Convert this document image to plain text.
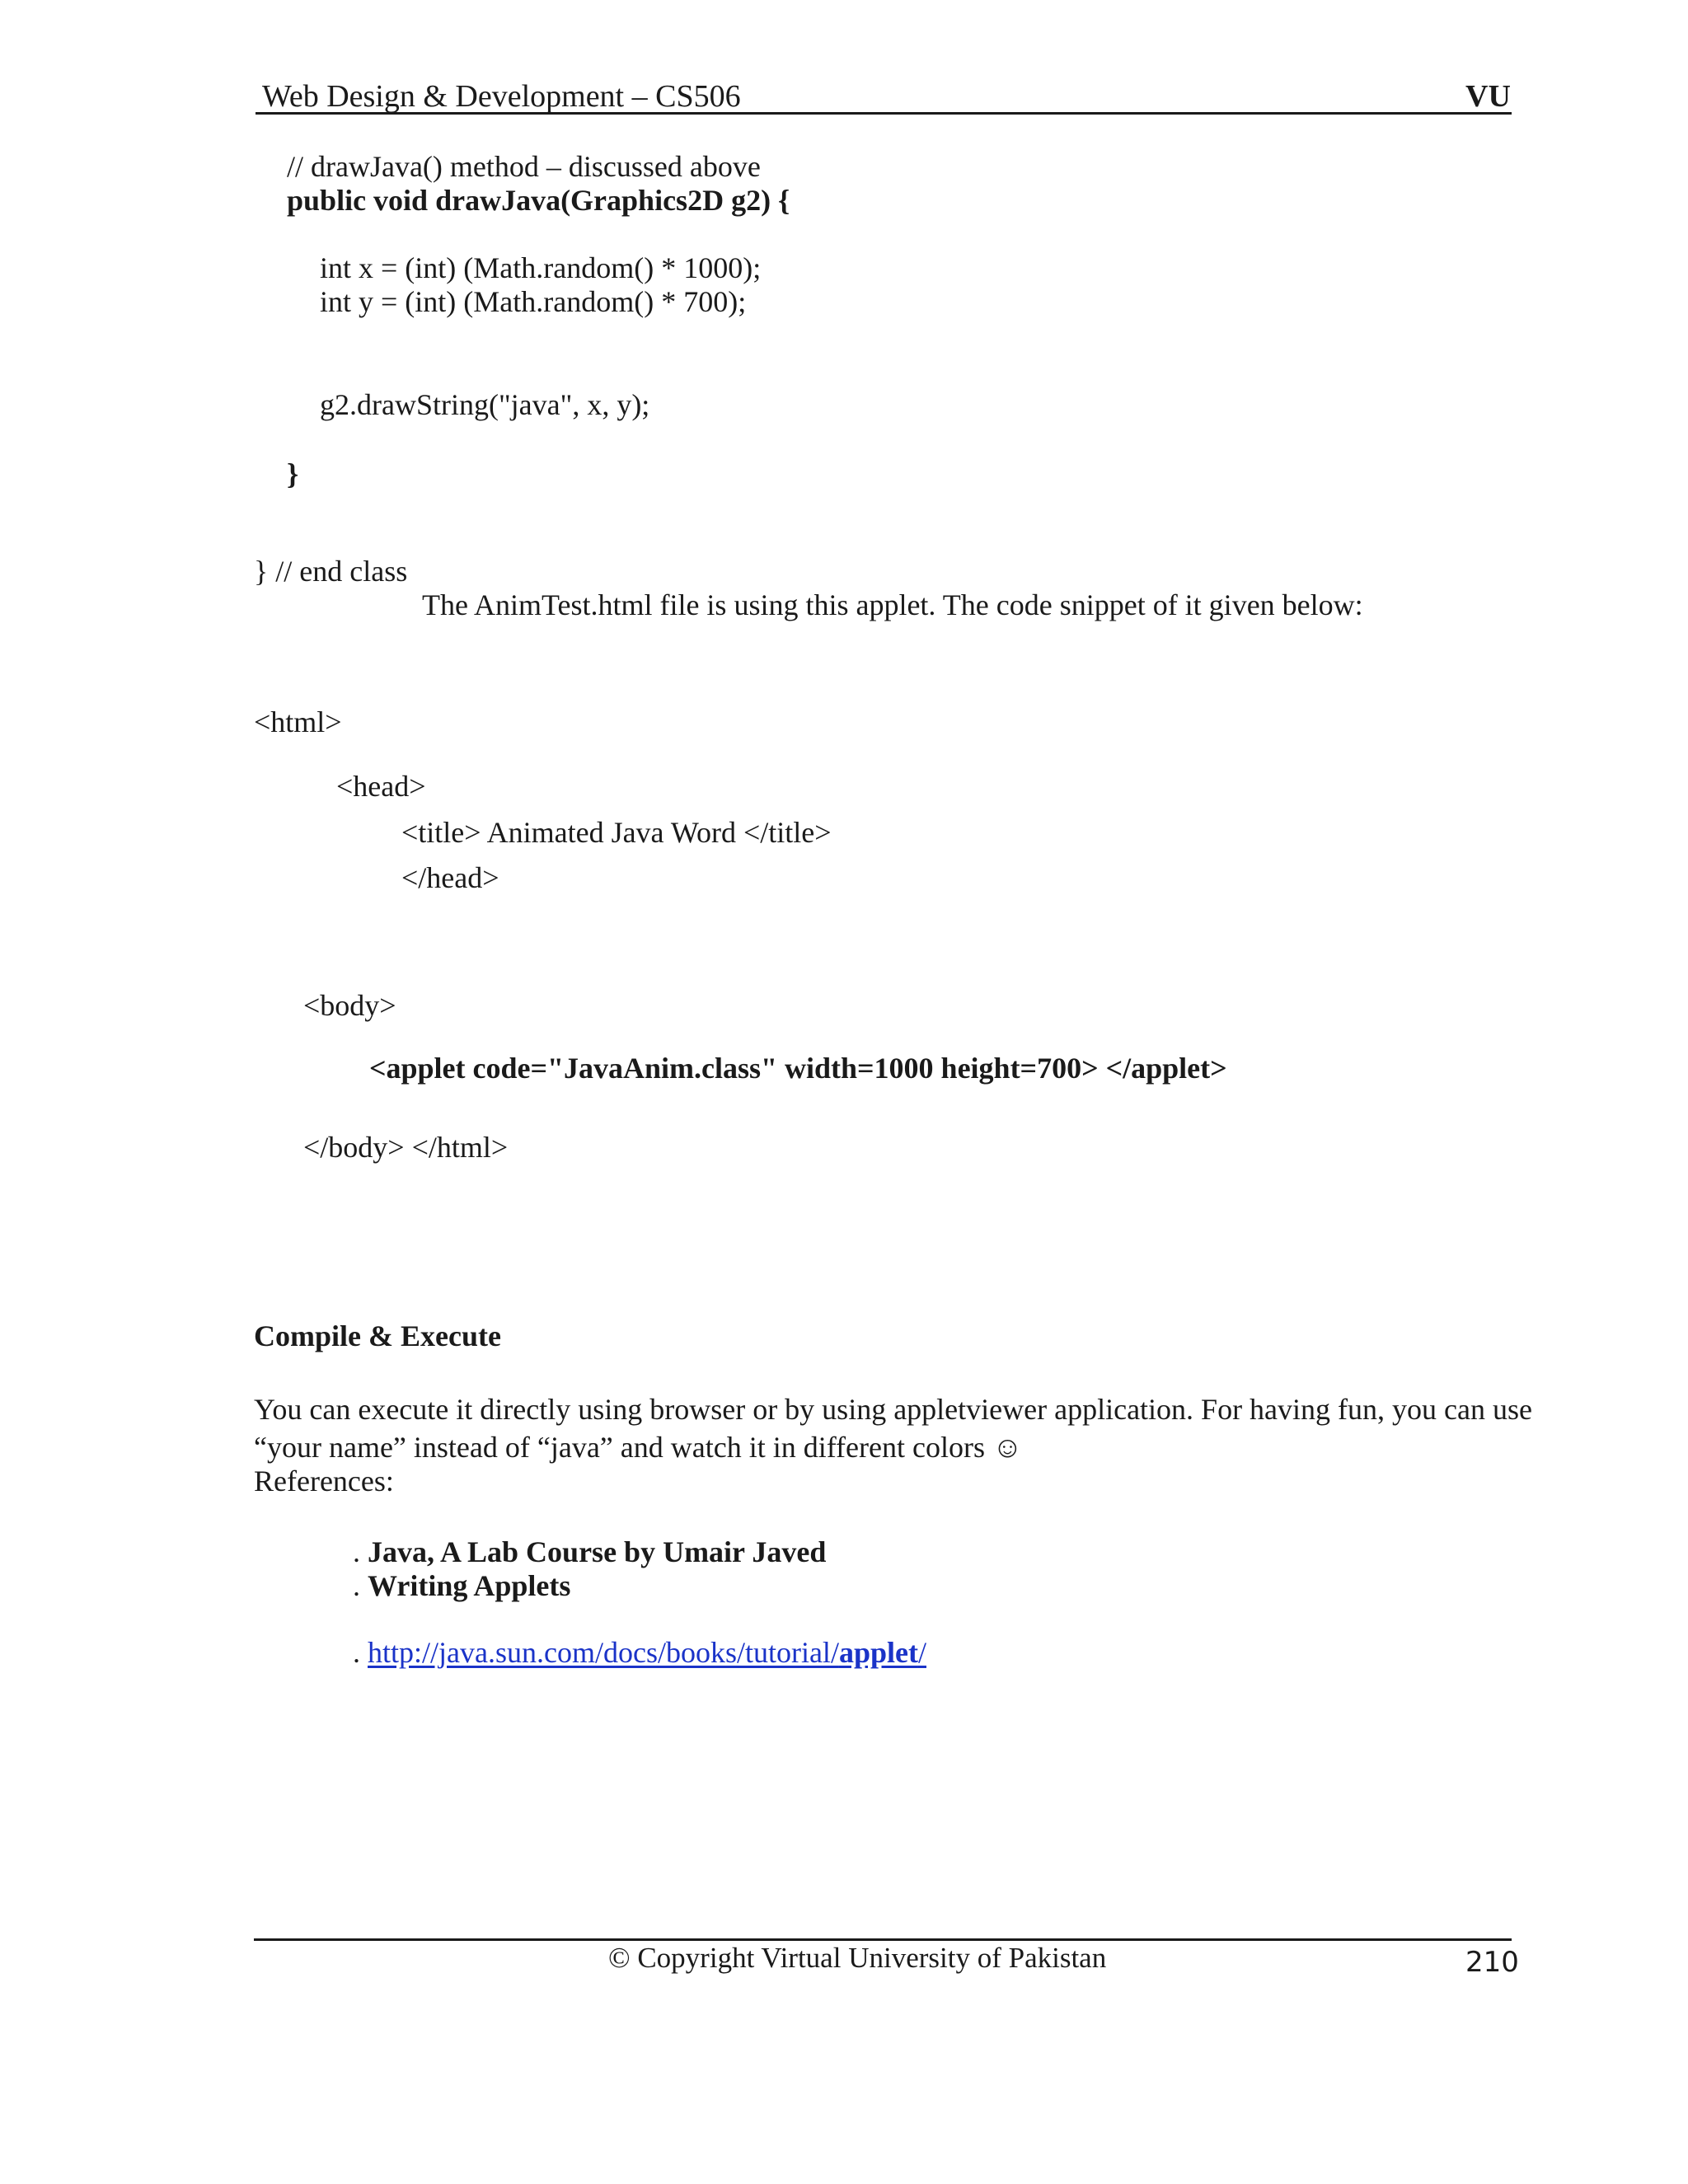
Web Design & Development – CS506	VU
// drawJava() method – discussed above
public void drawJava(Graphics2D g2) {
int x = (int) (Math.random() * 1000);
int y = (int) (Math.random() * 700);
g2.drawString("java", x, y);
}
} // end class
The AnimTest.html file is using this applet. The code snippet of it given below:
<html>
<head>
<title> Animated Java Word </title>
</head>
<body>
<applet code="JavaAnim.class" width=1000 height=700> </applet>
</body> </html>
Compile & Execute
You can execute it directly using browser or by using appletviewer application. For having fun, you can use
“your name” instead of “java” and watch it in different colors ☺
References:
. Java, A Lab Course by Umair Javed
. Writing Applets
. http://java.sun.com/docs/books/tutorial/applet/
© Copyright Virtual University of Pakistan	210
